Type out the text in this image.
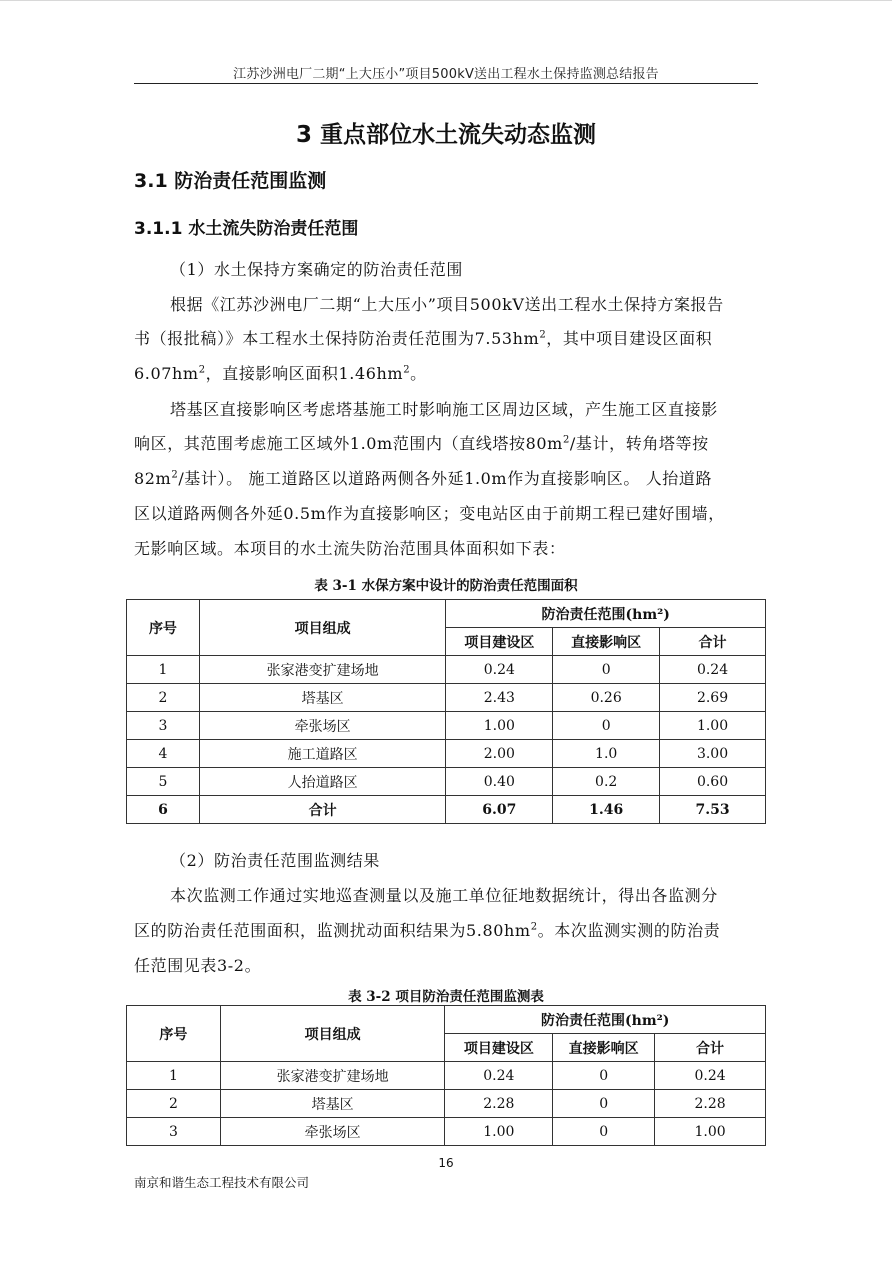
江苏沙洲电厂二期“上大压小”项目500kV送出工程水土保持监测总结报告
3 重点部位水土流失动态监测
3.1 防治责任范围监测
3.1.1 水土流失防治责任范围
（1）水土保持方案确定的防治责任范围
根据《江苏沙洲电厂二期“上大压小”项目500kV送出工程水土保持方案报告
书（报批稿）》本工程水土保持防治责任范围为$7.53hm^2$，其中项目建设区面积
$6.07hm^2$，直接影响区面积$1.46hm^2$。
塔基区直接影响区考虑塔基施工时影响施工区周边区域，产生施工区直接影
响区，其范围考虑施工区域外1.0m范围内（直线塔按$80m^2/$基计，转角塔等按
$82m^2/$基计）。 施工道路区以道路两侧各外延1.0m作为直接影响区。 人抬道路
区以道路两侧各外延0.5m作为直接影响区；变电站区由于前期工程已建好围墙，
无影响区域。本项目的水土流失防治范围具体面积如下表：
表 3-1 水保方案中设计的防治责任范围面积
序号	项目组成	防治责任范围(hm²)		
		项目建设区	直接影响区	合计
1	张家港变扩建场地	0.24	0	0.24
2	塔基区	2.43	0.26	2.69
3	牵张场区	1.00	0	1.00
4	施工道路区	2.00	1.0	3.00
5	人抬道路区	0.40	0.2	0.60
6	合计	6.07	1.46	7.53
（2）防治责任范围监测结果
本次监测工作通过实地巡查测量以及施工单位征地数据统计，得出各监测分
区的防治责任范围面积，监测扰动面积结果为$5.80hm^2$。本次监测实测的防治责
任范围见表3-2。
表 3-2 项目防治责任范围监测表
序号	项目组成	防治责任范围(hm²)		
		项目建设区	直接影响区	合计
1	张家港变扩建场地	0.24	0	0.24
2	塔基区	2.28	0	2.28
3	牵张场区	1.00	0	1.00
16
南京和谐生态工程技术有限公司
